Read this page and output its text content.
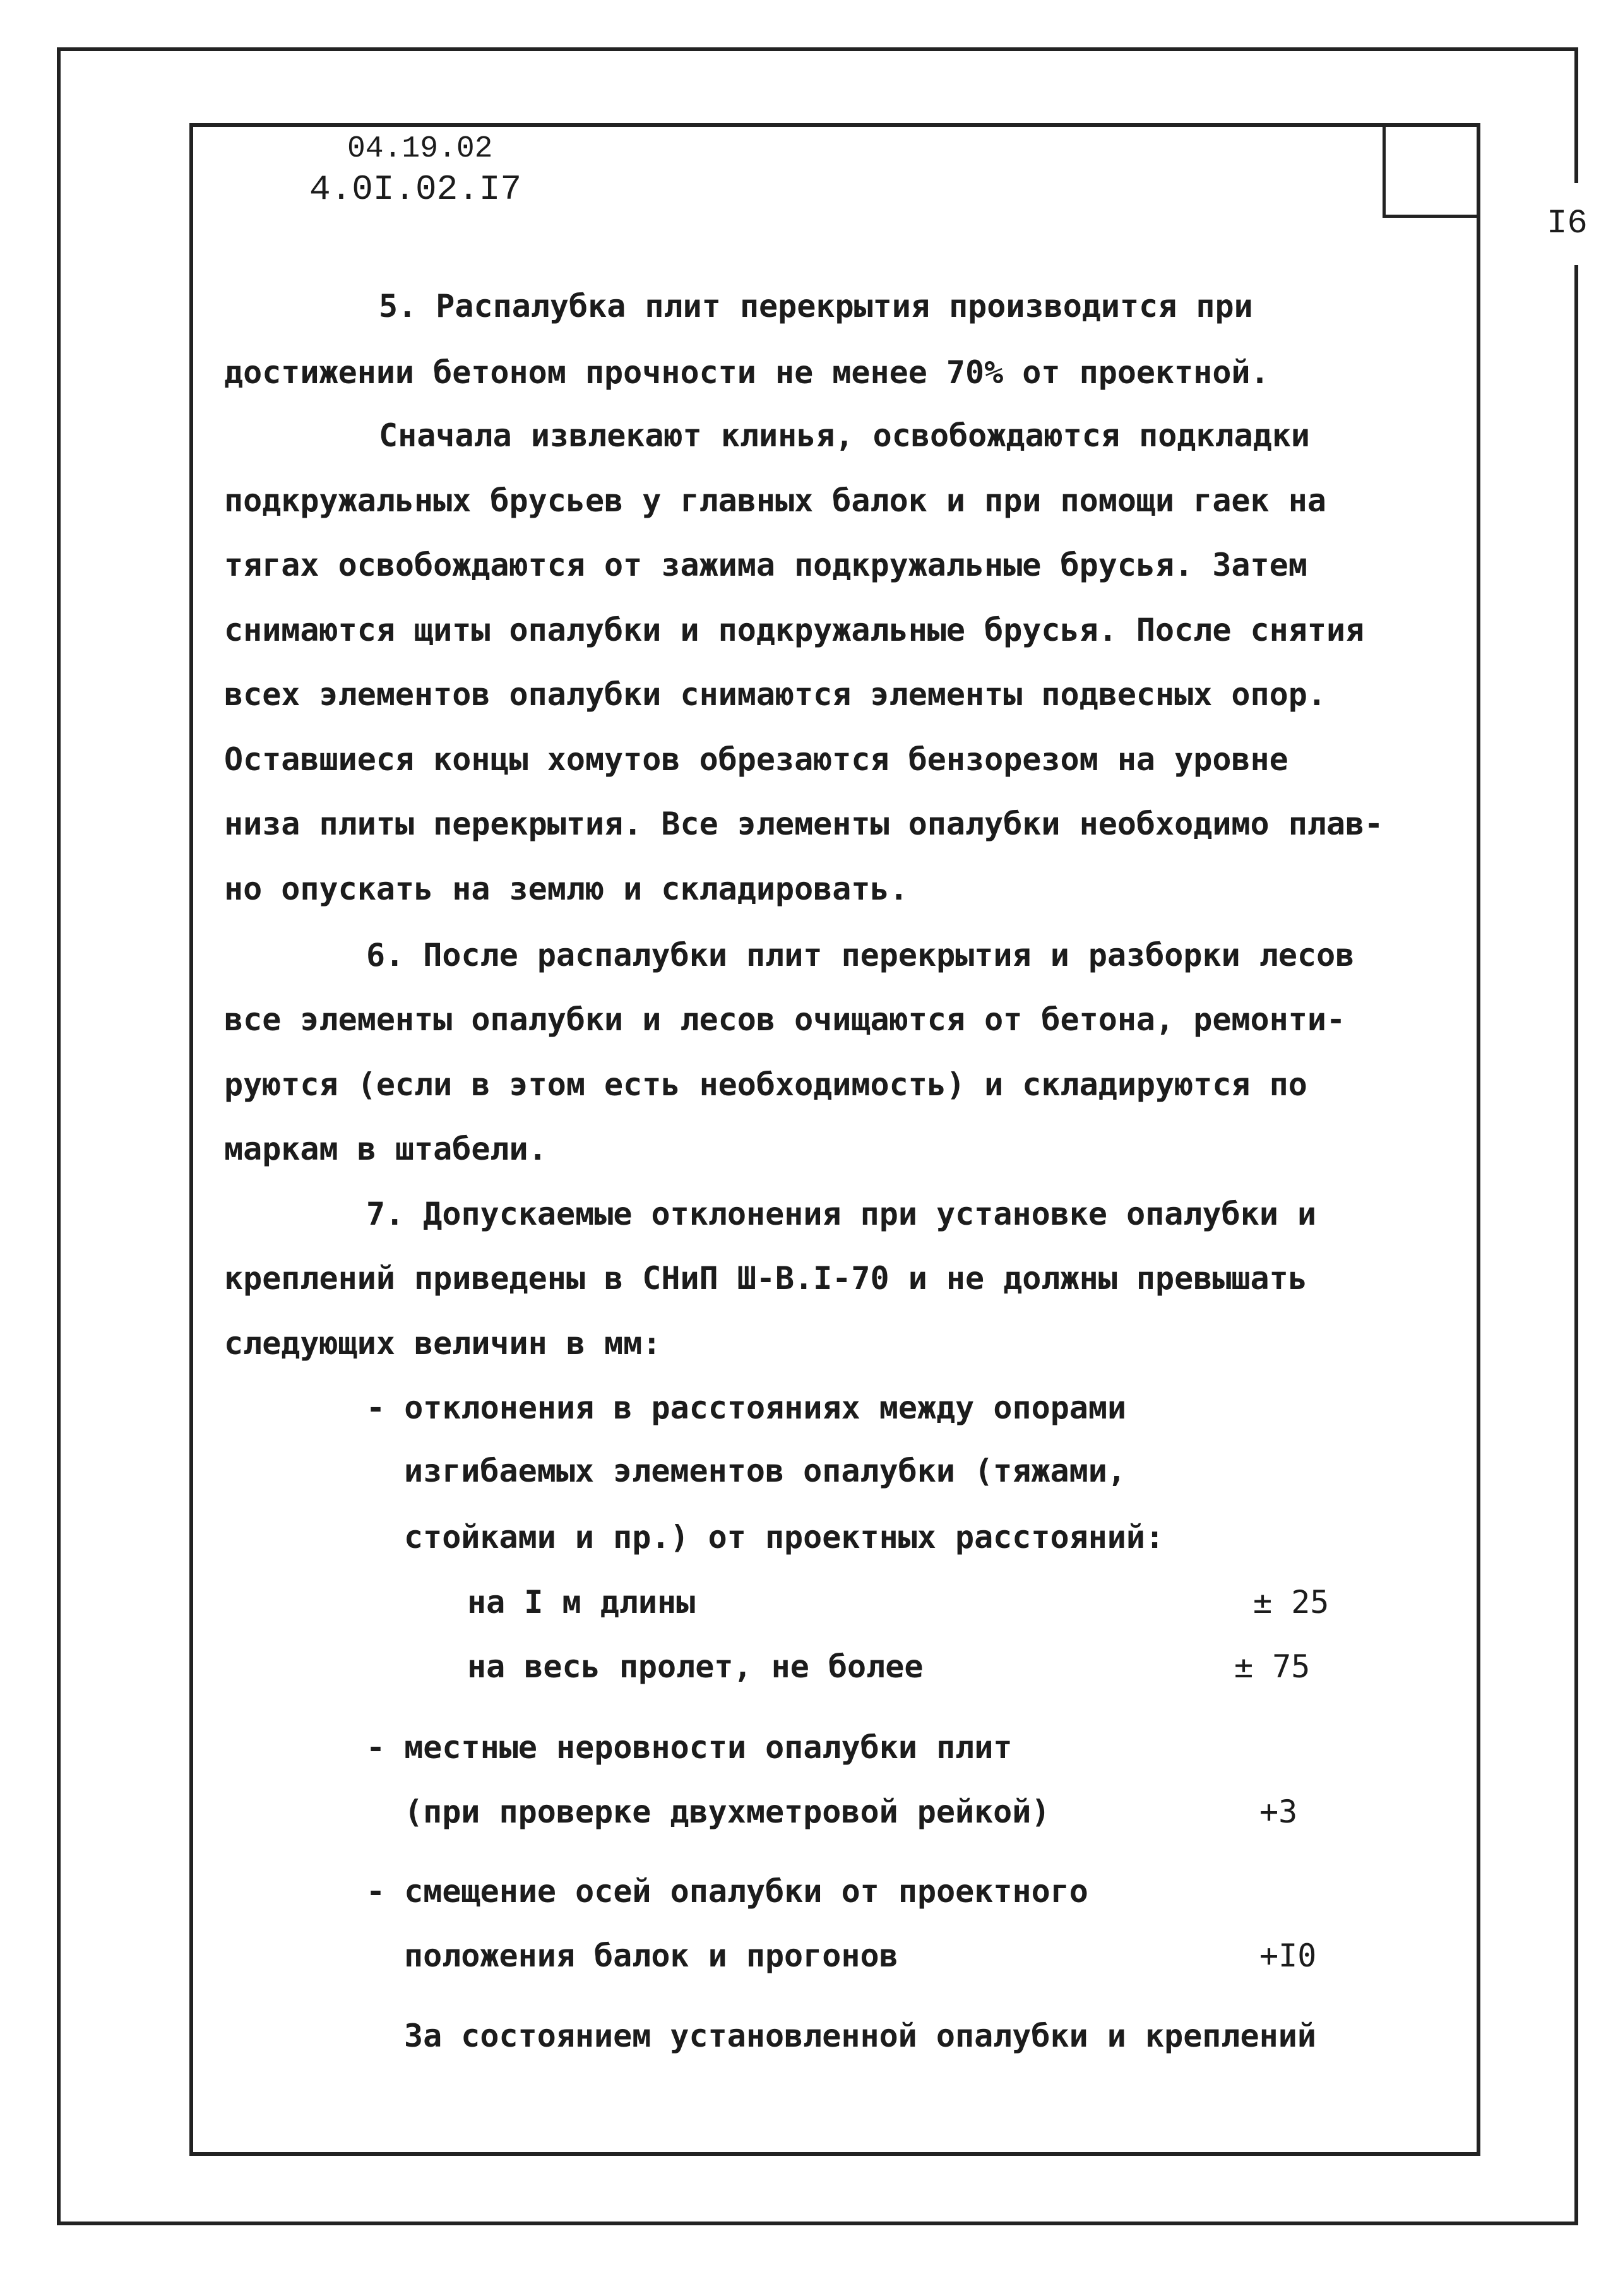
I6
04.19.02
4.0I.02.I7
5. Распалубка плит перекрытия производится при
достижении бетоном прочности не менее 70% от проектной.
Сначала извлекают клинья, освобождаются подкладки
подкружальных брусьев у главных балок и при помощи гаек на
тягах освобождаются от зажима подкружальные брусья. Затем
снимаются щиты опалубки и подкружальные брусья. После снятия
всех элементов опалубки снимаются элементы подвесных опор.
Оставшиеся концы хомутов обрезаются бензорезом на уровне
низа плиты перекрытия. Все элементы опалубки необходимо плав-
но опускать на землю и складировать.
6. После распалубки плит перекрытия и разборки лесов
все элементы опалубки и лесов очищаются от бетона, ремонти-
руются (если в этом есть необходимость) и складируются по
маркам в штабели.
7. Допускаемые отклонения при установке опалубки и
креплений приведены в СНиП Ш-В.I-70 и не должны превышать
следующих величин в мм:
- отклонения в расстояниях между опорами
изгибаемых элементов опалубки (тяжами,
стойками и пр.) от проектных расстояний:
на I м длины	± 25
на весь пролет, не более	± 75
- местные неровности опалубки плит
(при проверке двухметровой рейкой)	+3
- смещение осей опалубки от проектного
положения балок и прогонов	+I0
За состоянием установленной опалубки и креплений
